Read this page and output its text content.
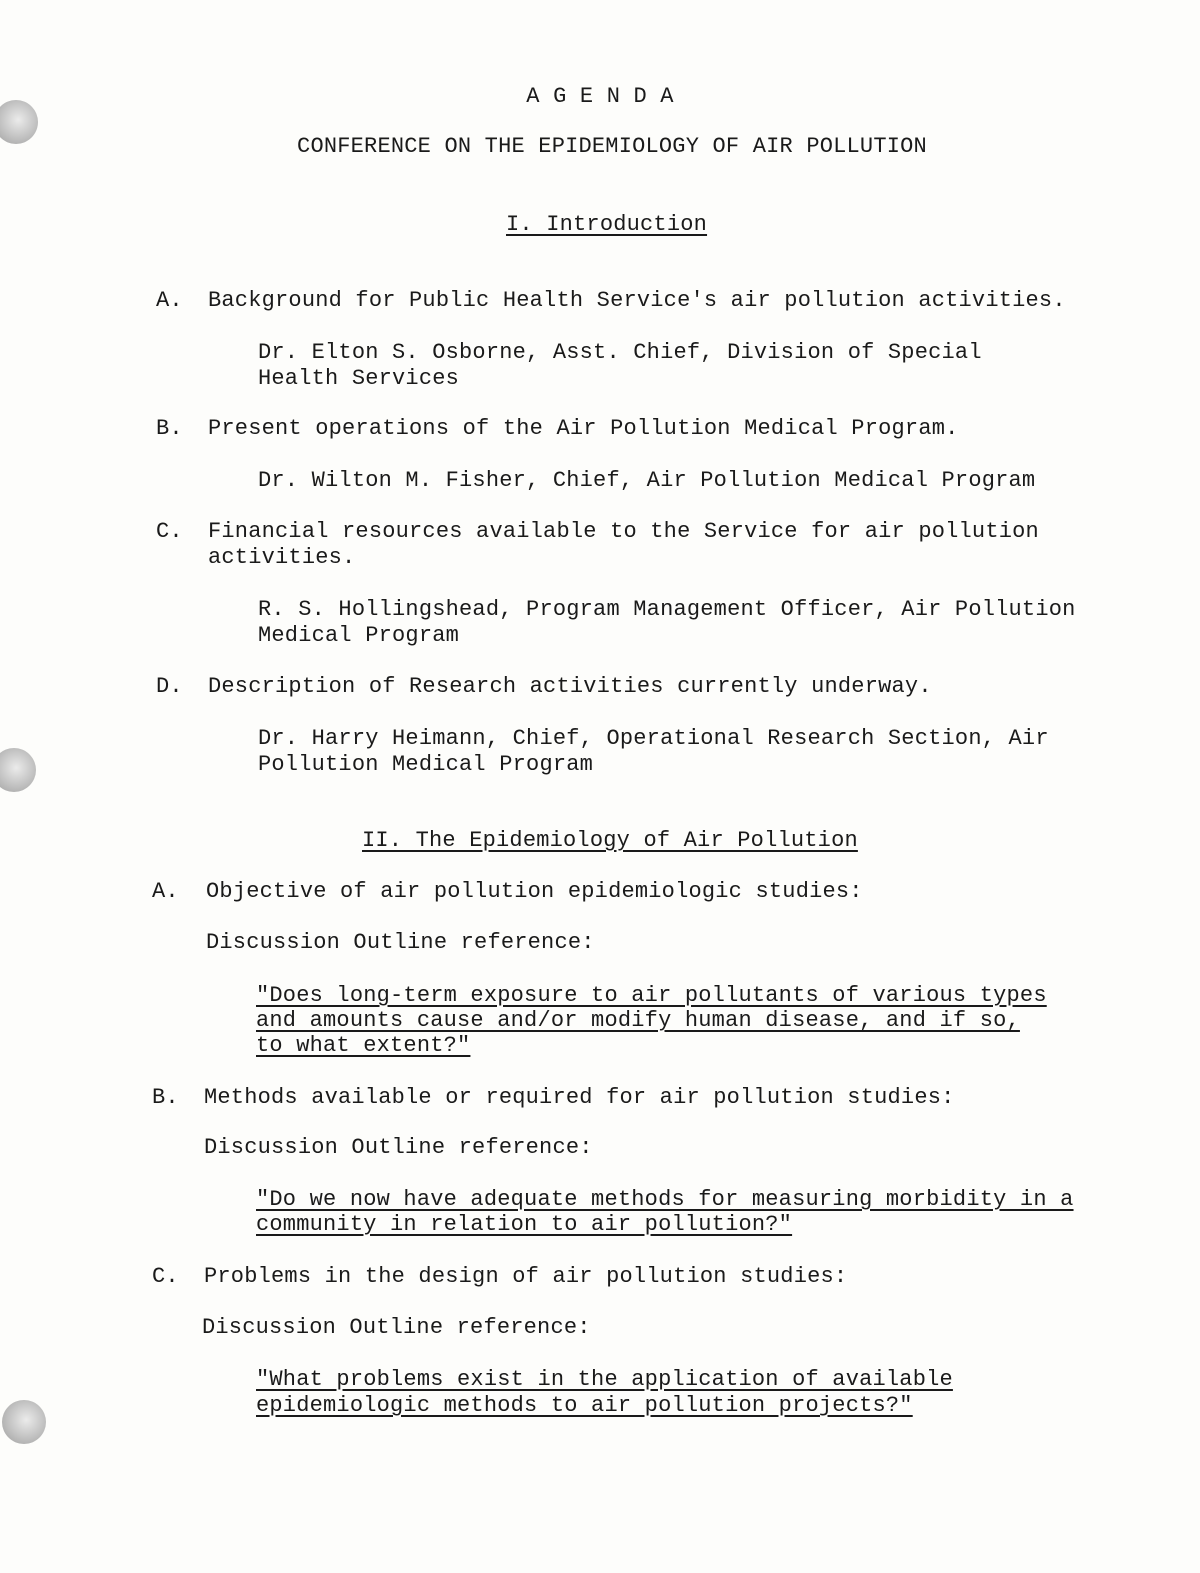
A G E N D A
CONFERENCE ON THE EPIDEMIOLOGY OF AIR POLLUTION
I. Introduction
A. Background for Public Health Service's air pollution activities.
Dr. Elton S. Osborne, Asst. Chief, Division of Special
Health Services
B. Present operations of the Air Pollution Medical Program.
Dr. Wilton M. Fisher, Chief, Air Pollution Medical Program
C. Financial resources available to the Service for air pollution
activities.
R. S. Hollingshead, Program Management Officer, Air Pollution
Medical Program
D. Description of Research activities currently underway.
Dr. Harry Heimann, Chief, Operational Research Section, Air
Pollution Medical Program
II. The Epidemiology of Air Pollution
A. Objective of air pollution epidemiologic studies:
Discussion Outline reference:
"Does long-term exposure to air pollutants of various types
and amounts cause and/or modify human disease, and if so,
to what extent?"
B. Methods available or required for air pollution studies:
Discussion Outline reference:
"Do we now have adequate methods for measuring morbidity in a
community in relation to air pollution?"
C. Problems in the design of air pollution studies:
Discussion Outline reference:
"What problems exist in the application of available
epidemiologic methods to air pollution projects?"
